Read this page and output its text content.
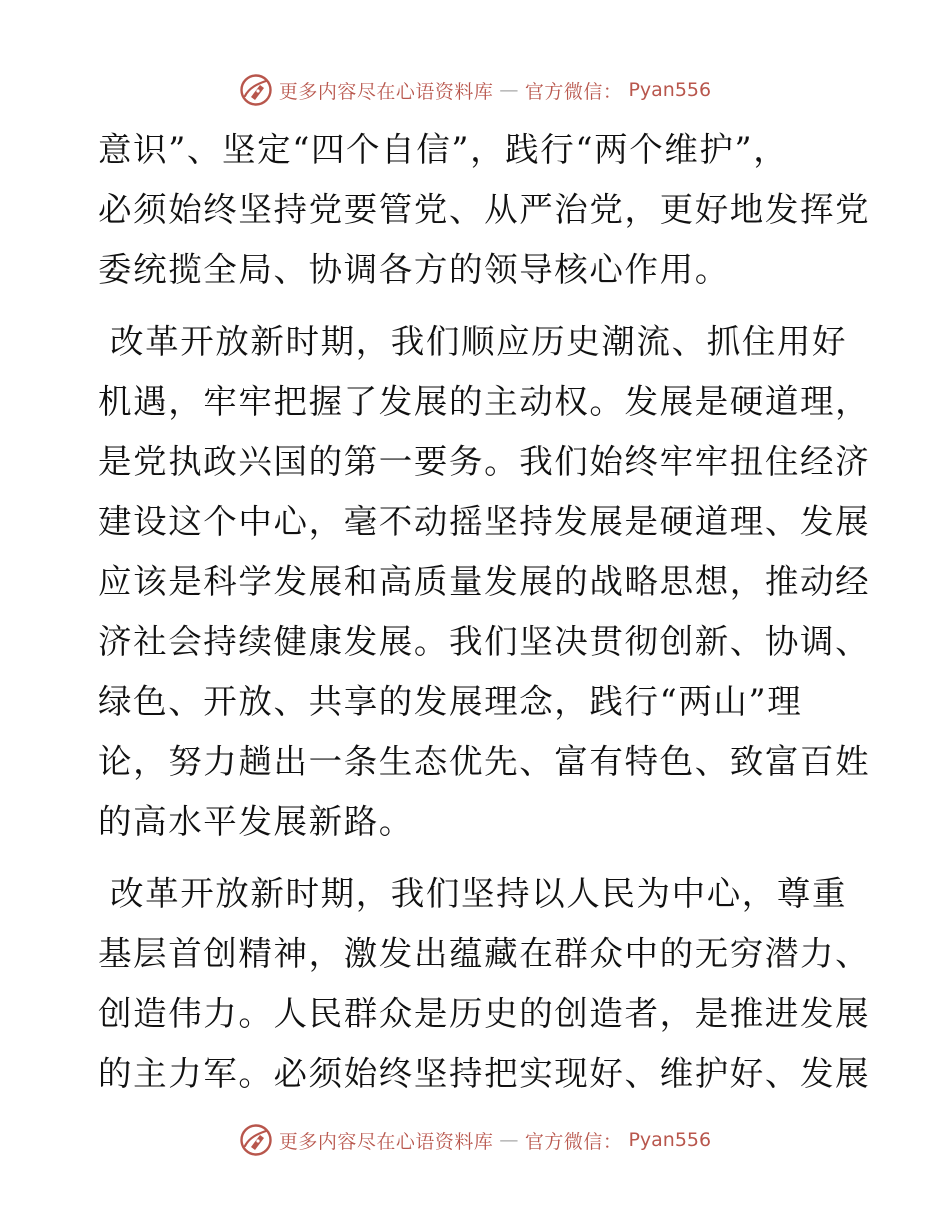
更多内容尽在心语资料库 — 官方微信： Pyan556
意识”、坚定“四个自信”，践行“两个维护”，
必须始终坚持党要管党、从严治党，更好地发挥党
委统揽全局、协调各方的领导核心作用。
改革开放新时期，我们顺应历史潮流、抓住用好
机遇，牢牢把握了发展的主动权。发展是硬道理，
是党执政兴国的第一要务。我们始终牢牢扭住经济
建设这个中心，毫不动摇坚持发展是硬道理、发展
应该是科学发展和高质量发展的战略思想，推动经
济社会持续健康发展。我们坚决贯彻创新、协调、
绿色、开放、共享的发展理念，践行“两山”理
论，努力趟出一条生态优先、富有特色、致富百姓
的高水平发展新路。
改革开放新时期，我们坚持以人民为中心，尊重
基层首创精神，激发出蕴藏在群众中的无穷潜力、
创造伟力。人民群众是历史的创造者，是推进发展
的主力军。必须始终坚持把实现好、维护好、发展
更多内容尽在心语资料库 — 官方微信： Pyan556
